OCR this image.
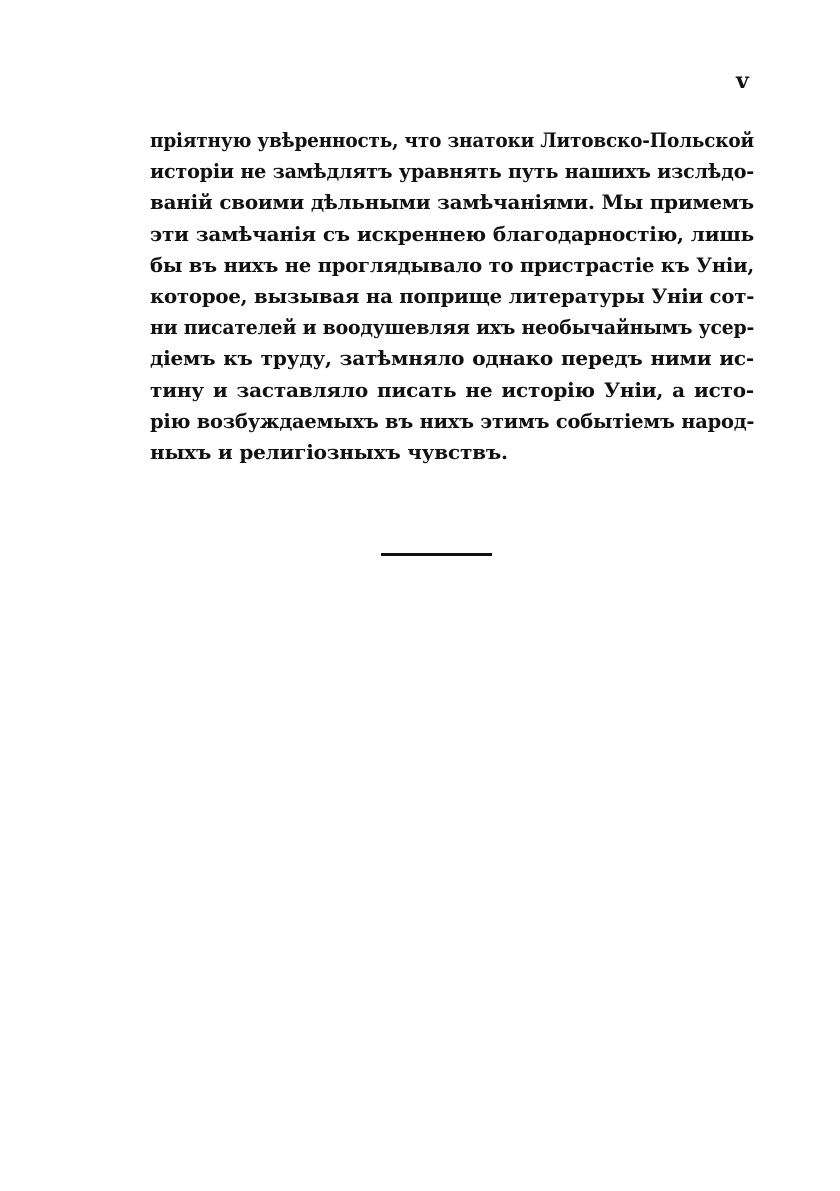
v
пріятную увѣренность, что знатоки Литовско-Польской
исторіи не замѣдлятъ уравнять путь нашихъ изслѣдо-
ваній своими дѣльными замѣчаніями. Мы примемъ
эти замѣчанія съ искреннею благодарностію, лишь
бы въ нихъ не проглядывало то пристрастіе къ Уніи,
которое, вызывая на поприще литературы Уніи сот-
ни писателей и воодушевляя ихъ необычайнымъ усер-
діемъ къ труду, затѣмняло однако передъ ними ис-
тину и заставляло писать не исторію Уніи, а исто-
рію возбуждаемыхъ въ нихъ этимъ событіемъ народ-
ныхъ и религіозныхъ чувствъ.
